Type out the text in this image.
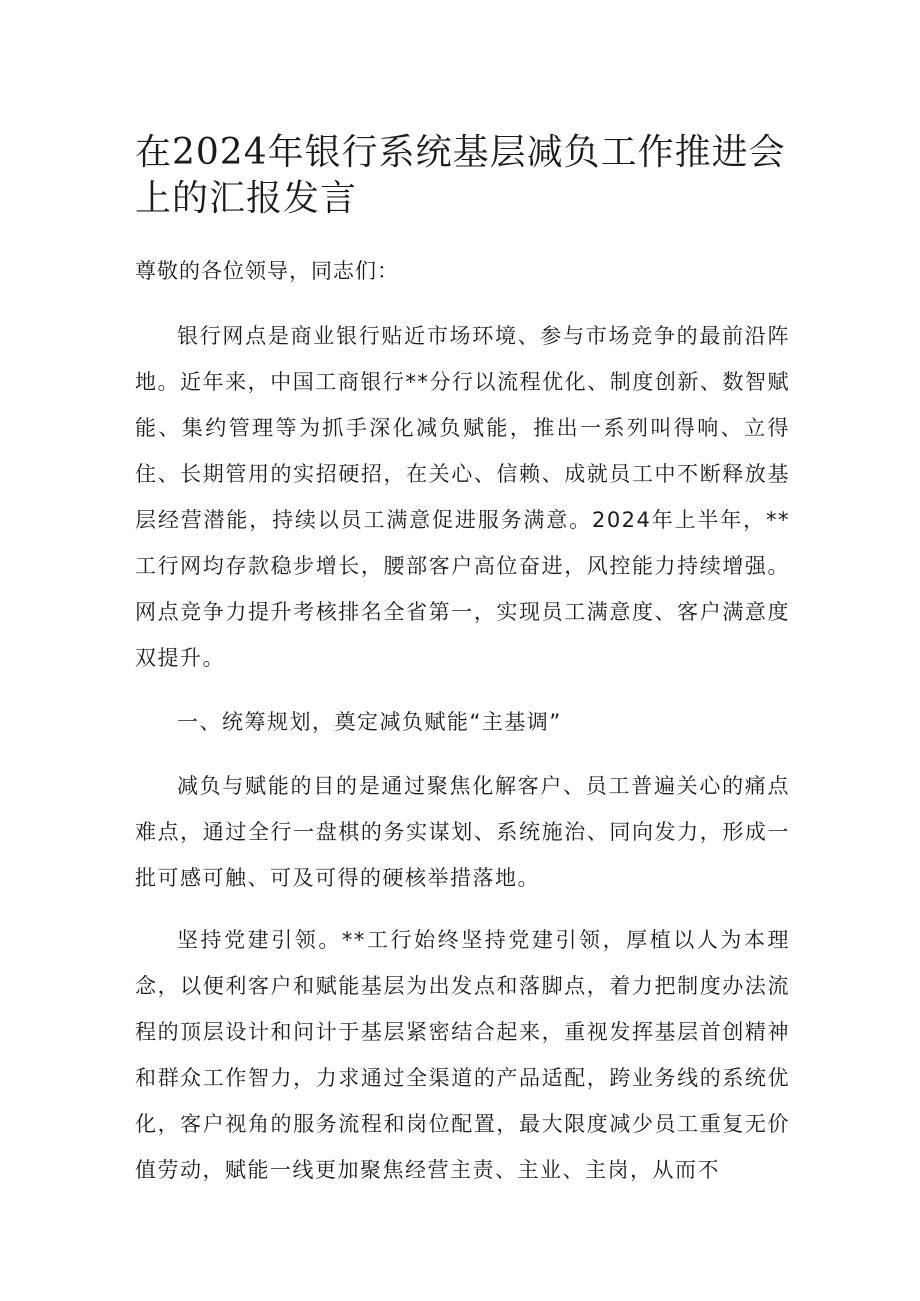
在2024年银行系统基层减负工作推进会上的汇报发言

尊敬的各位领导，同志们：

银行网点是商业银行贴近市场环境、参与市场竞争的最前沿阵地。近年来，中国工商银行**分行以流程优化、制度创新、数智赋能、集约管理等为抓手深化减负赋能，推出一系列叫得响、立得住、长期管用的实招硬招，在关心、信赖、成就员工中不断释放基层经营潜能，持续以员工满意促进服务满意。2024年上半年，**工行网均存款稳步增长，腰部客户高位奋进，风控能力持续增强。网点竞争力提升考核排名全省第一，实现员工满意度、客户满意度双提升。

一、统筹规划，奠定减负赋能“主基调”

减负与赋能的目的是通过聚焦化解客户、员工普遍关心的痛点难点，通过全行一盘棋的务实谋划、系统施治、同向发力，形成一批可感可触、可及可得的硬核举措落地。

坚持党建引领。**工行始终坚持党建引领，厚植以人为本理念，以便利客户和赋能基层为出发点和落脚点，着力把制度办法流程的顶层设计和问计于基层紧密结合起来，重视发挥基层首创精神和群众工作智力，力求通过全渠道的产品适配，跨业务线的系统优化，客户视角的服务流程和岗位配置，最大限度减少员工重复无价值劳动，赋能一线更加聚焦经营主责、主业、主岗，从而不
